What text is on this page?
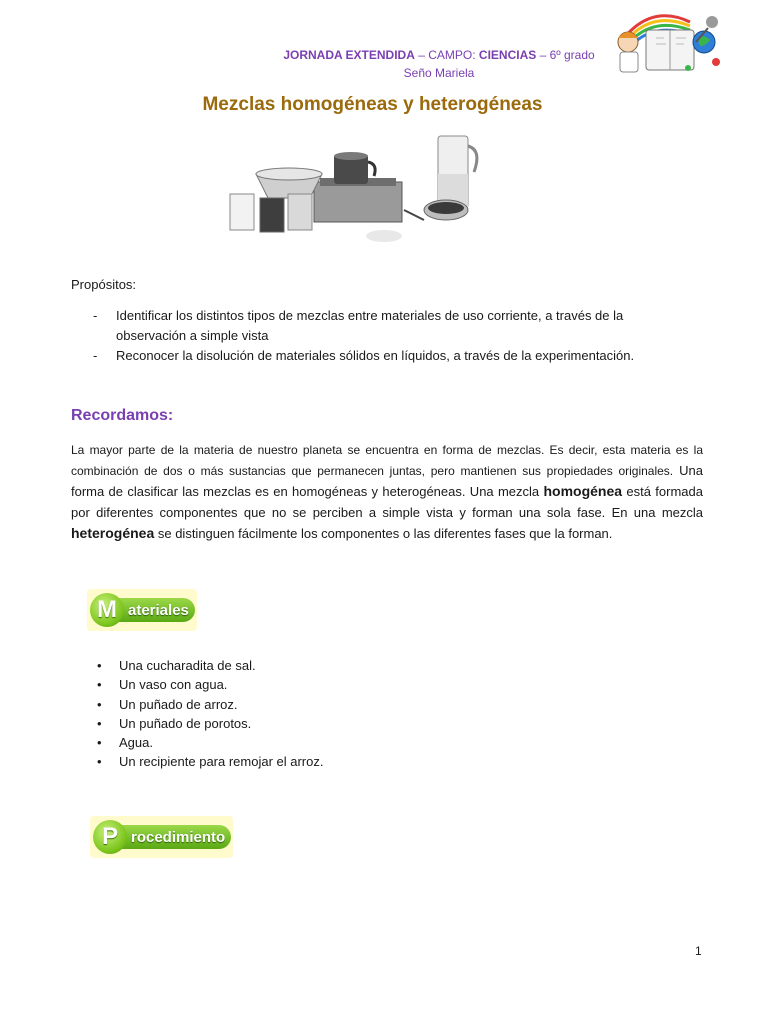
JORNADA EXTENDIDA – CAMPO: CIENCIAS – 6º grado
Seño Mariela
Mezclas homogéneas y heterogéneas
Propósitos:
- Identificar los distintos tipos de mezclas entre materiales de uso corriente, a través de la observación a simple vista
- Reconocer la disolución de materiales sólidos en líquidos, a través de la experimentación.
Recordamos:
La mayor parte de la materia de nuestro planeta se encuentra en forma de mezclas. Es decir, esta materia es la combinación de dos o más sustancias que permanecen juntas, pero mantienen sus propiedades originales. Una forma de clasificar las mezclas es en homogéneas y heterogéneas. Una mezcla homogénea está formada por diferentes componentes que no se perciben a simple vista y forman una sola fase. En una mezcla heterogénea se distinguen fácilmente los componentes o las diferentes fases que la forman.
M ateriales
• Una cucharadita de sal.
• Un vaso con agua.
• Un puñado de arroz.
• Un puñado de porotos.
• Agua.
• Un recipiente para remojar el arroz.
P rocedimiento
1
